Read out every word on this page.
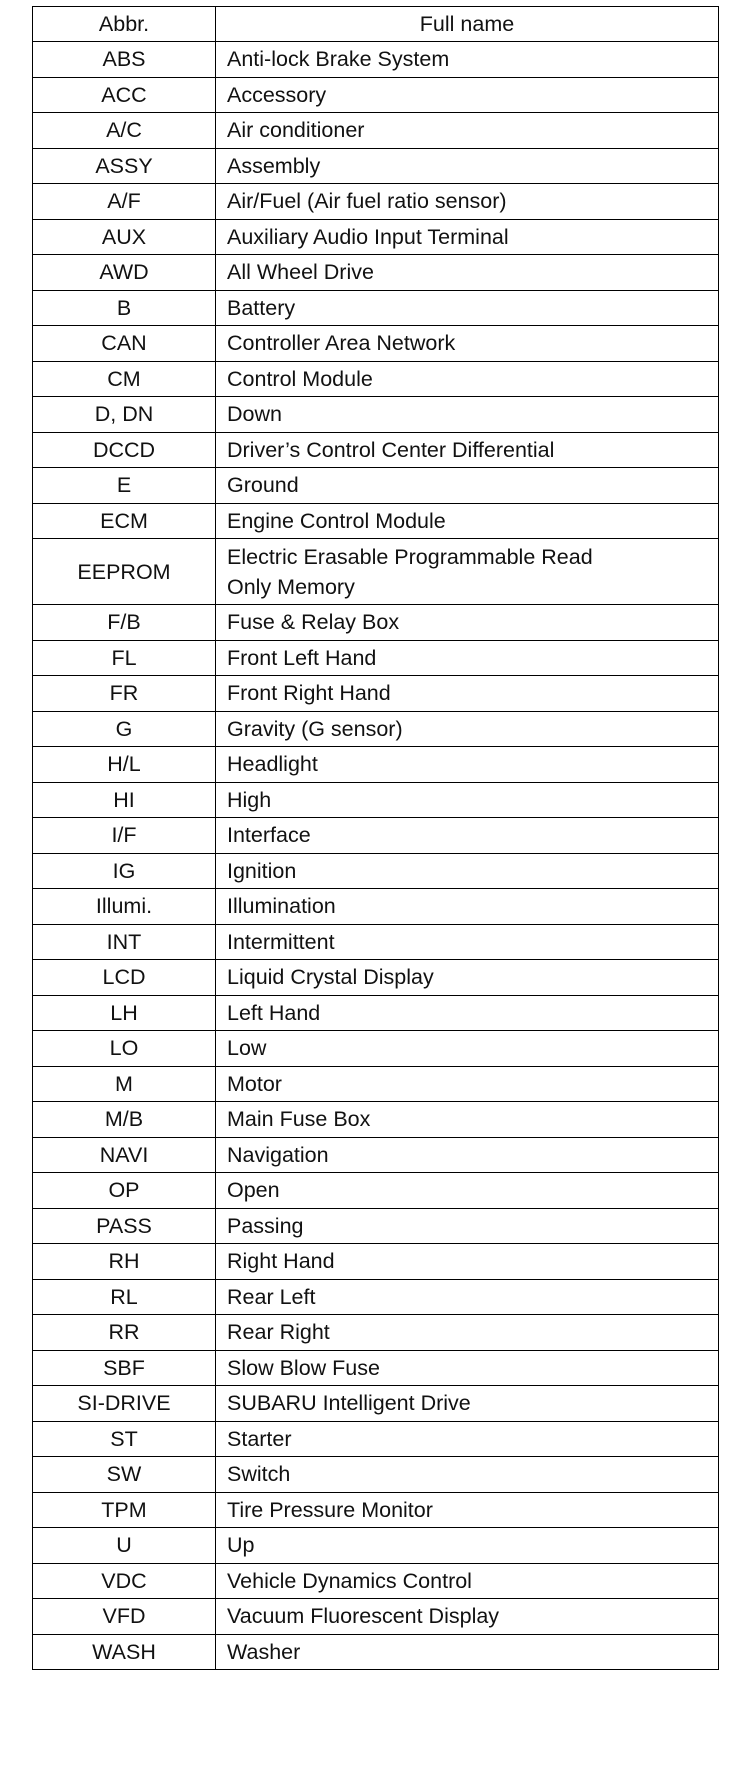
Abbr.	Full name
ABS	Anti-lock Brake System
ACC	Accessory
A/C	Air conditioner
ASSY	Assembly
A/F	Air/Fuel (Air fuel ratio sensor)
AUX	Auxiliary Audio Input Terminal
AWD	All Wheel Drive
B	Battery
CAN	Controller Area Network
CM	Control Module
D, DN	Down
DCCD	Driver’s Control Center Differential
E	Ground
ECM	Engine Control Module
EEPROM	Electric Erasable Programmable Read
Only Memory
F/B	Fuse & Relay Box
FL	Front Left Hand
FR	Front Right Hand
G	Gravity (G sensor)
H/L	Headlight
HI	High
I/F	Interface
IG	Ignition
Illumi.	Illumination
INT	Intermittent
LCD	Liquid Crystal Display
LH	Left Hand
LO	Low
M	Motor
M/B	Main Fuse Box
NAVI	Navigation
OP	Open
PASS	Passing
RH	Right Hand
RL	Rear Left
RR	Rear Right
SBF	Slow Blow Fuse
SI-DRIVE	SUBARU Intelligent Drive
ST	Starter
SW	Switch
TPM	Tire Pressure Monitor
U	Up
VDC	Vehicle Dynamics Control
VFD	Vacuum Fluorescent Display
WASH	Washer
